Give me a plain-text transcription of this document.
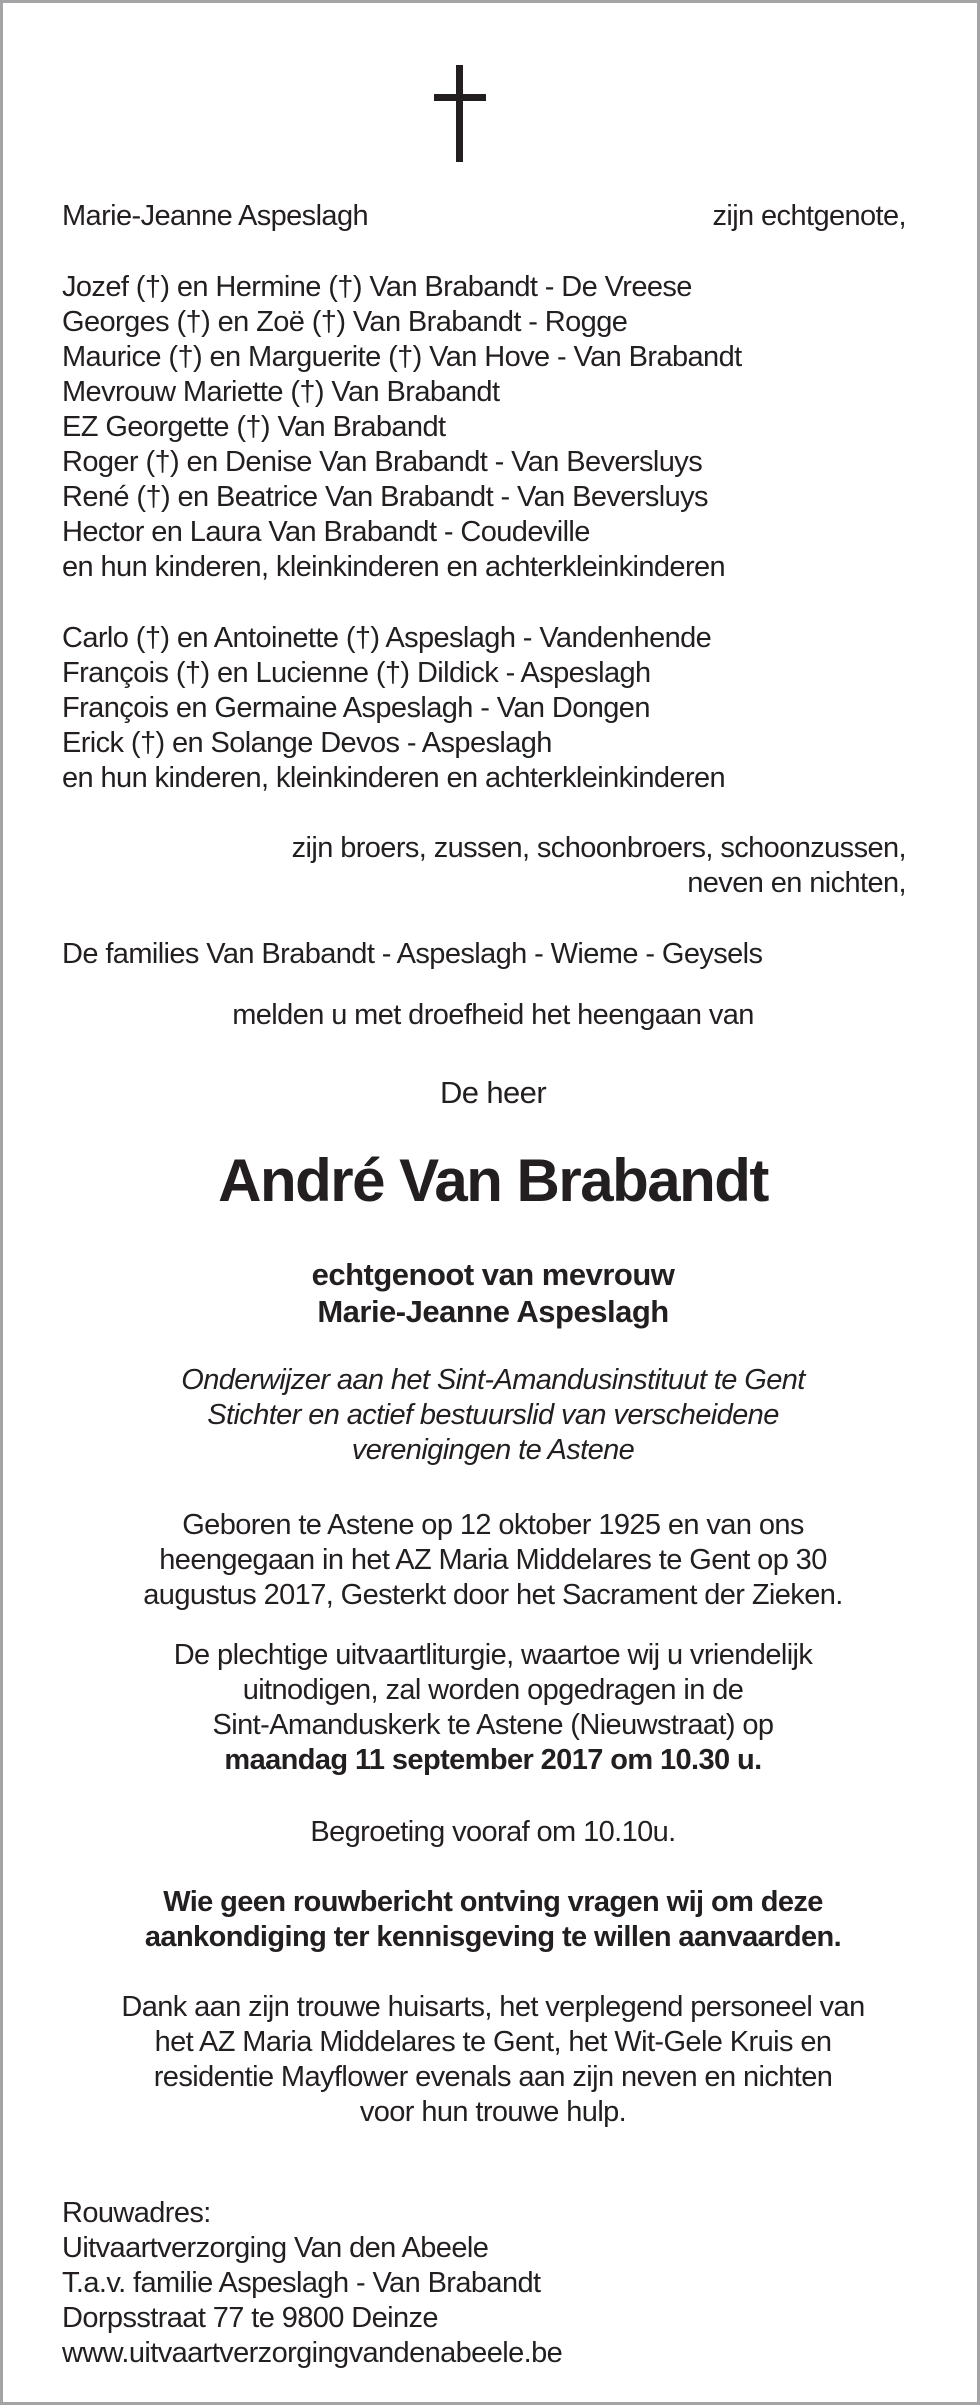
Marie-Jeanne Aspeslagh	zijn echtgenote,

Jozef (†) en Hermine (†) Van Brabandt - De Vreese

Georges (†) en Zoë (†) Van Brabandt - Rogge

Maurice (†) en Marguerite (†) Van Hove - Van Brabandt

Mevrouw Mariette (†) Van Brabandt

EZ Georgette (†) Van Brabandt

Roger (†) en Denise Van Brabandt - Van Beversluys

René (†) en Beatrice Van Brabandt - Van Beversluys

Hector en Laura Van Brabandt - Coudeville

en hun kinderen, kleinkinderen en achterkleinkinderen

Carlo (†) en Antoinette (†) Aspeslagh - Vandenhende

François (†) en Lucienne (†) Dildick - Aspeslagh

François en Germaine Aspeslagh - Van Dongen

Erick (†) en Solange Devos - Aspeslagh

en hun kinderen, kleinkinderen en achterkleinkinderen

zijn broers, zussen, schoonbroers, schoonzussen,
neven en nichten,
De families Van Brabandt - Aspeslagh - Wieme - Geysels
melden u met droefheid het heengaan van
De heer
André Van Brabandt

echtgenoot van mevrouw

Marie-Jeanne Aspeslagh

Onderwijzer aan het Sint-Amandusinstituut te Gent

Stichter en actief bestuurslid van verscheidene

verenigingen te Astene

Geboren te Astene op 12 oktober 1925 en van ons

heengegaan in het AZ Maria Middelares te Gent op 30

augustus 2017, Gesterkt door het Sacrament der Zieken.

De plechtige uitvaartliturgie, waartoe wij u vriendelijk

uitnodigen, zal worden opgedragen in de

Sint-Amanduskerk te Astene (Nieuwstraat) op

maandag 11 september 2017 om 10.30 u.

Begroeting vooraf om 10.10u.

Wie geen rouwbericht ontving vragen wij om deze

aankondiging ter kennisgeving te willen aanvaarden.

Dank aan zijn trouwe huisarts, het verplegend personeel van

het AZ Maria Middelares te Gent, het Wit-Gele Kruis en

residentie Mayflower evenals aan zijn neven en nichten

voor hun trouwe hulp.

Rouwadres:

Uitvaartverzorging Van den Abeele

T.a.v. familie Aspeslagh - Van Brabandt

Dorpsstraat 77 te 9800 Deinze

www.uitvaartverzorgingvandenabeele.be
